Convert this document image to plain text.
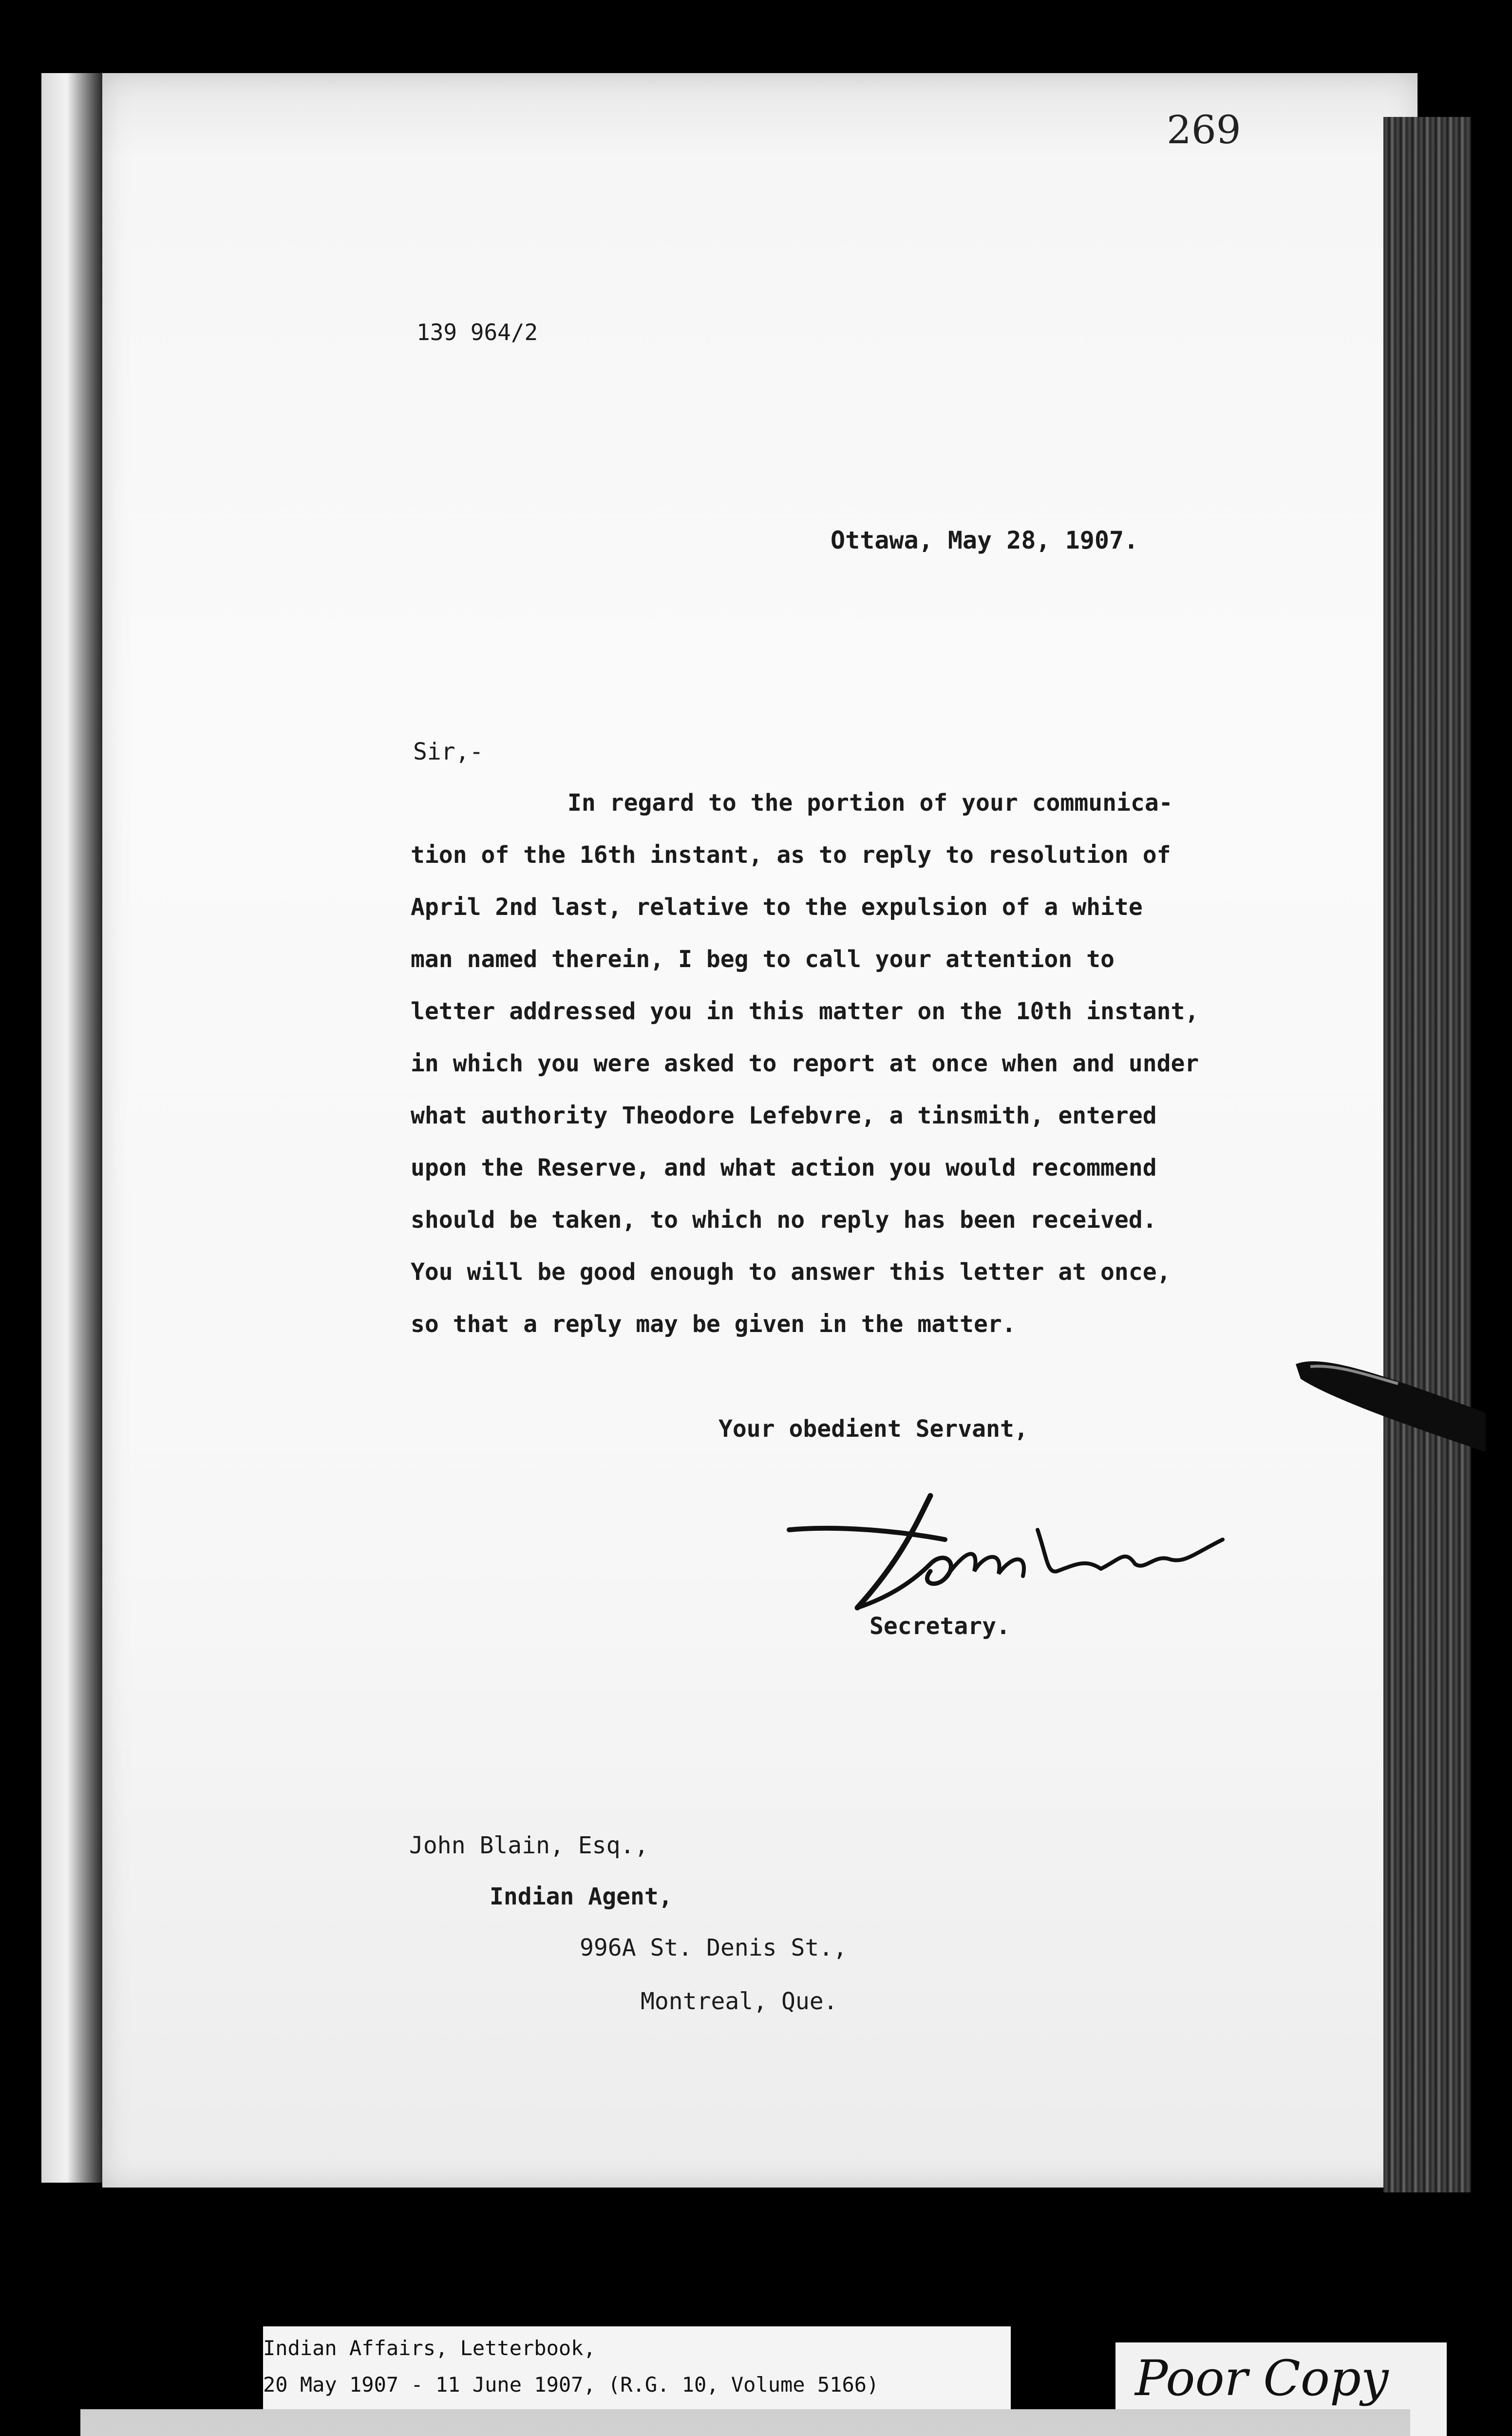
269
139 964/2
Ottawa, May 28, 1907.
Sir,-
In regard to the portion of your communica-
tion of the 16th instant, as to reply to resolution of
April 2nd last, relative to the expulsion of a white
man named therein, I beg to call your attention to
letter addressed you in this matter on the 10th instant,
in which you were asked to report at once when and under
what authority Theodore Lefebvre, a tinsmith, entered
upon the Reserve, and what action you would recommend
should be taken, to which no reply has been received.
You will be good enough to answer this letter at once,
so that a reply may be given in the matter.
Your obedient Servant,
Secretary.
John Blain, Esq.,
Indian Agent,
996A St. Denis St.,
Montreal, Que.
Indian Affairs, Letterbook,
20 May 1907 - 11 June 1907, (R.G. 10, Volume 5166)	Poor Copy
